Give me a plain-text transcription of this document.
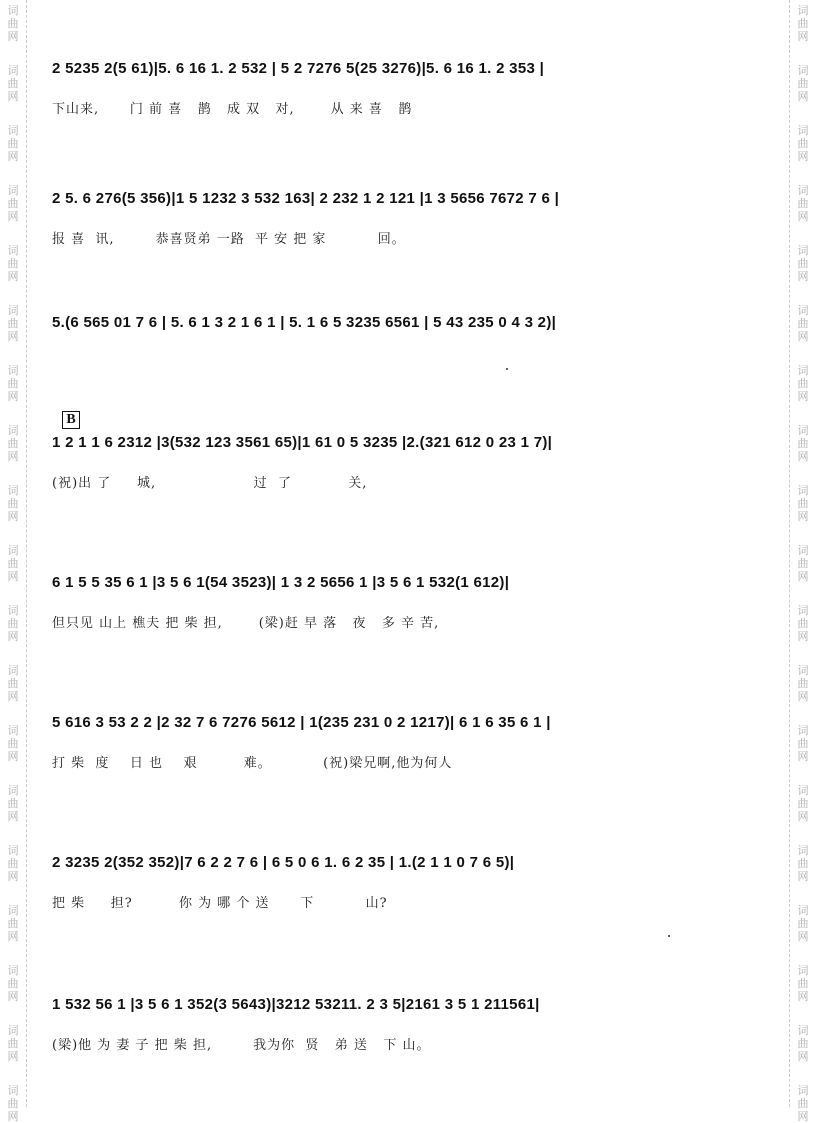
词
曲
网
词
曲
网
词
曲
网
词
曲
网
词
曲
网
词
曲
网
词
曲
网
词
曲
网
词
曲
网
词
曲
网
词
曲
网
词
曲
网
词
曲
网
词
曲
网
词
曲
网
词
曲
网
词
曲
网
词
曲
网
词
曲
网
词
曲
网
词
曲
网
词
曲
网
词
曲
网
词
曲
网
词
曲
网
词
曲
网
词
曲
网
词
曲
网
词
曲
网
词
曲
网
词
曲
网
词
曲
网
词
曲
网
词
曲
网
词
曲
网
词
曲
网
词
曲
网
词
曲
网
B
2 5235 2(5 61)|5. 6 16 1. 2 532 | 5 2 7276 5(25 3276)|5. 6 16 1. 2 353 |
下山来,      门 前 喜   鹊   成 双   对,       从 来 喜   鹊
2 5. 6 276(5 356)|1 5 1232 3 532 163| 2 232 1 2 121 |1 3 5656 7672 7 6 |
报 喜  讯,        恭喜贤弟 一路  平 安 把 家          回。
5.(6 565 01 7 6 | 5. 6 1 3 2 1 6 1 | 5. 1 6 5 3235 6561 | 5 43 235 0 4 3 2)|
1 2 1 1 6 2312 |3(532 123 3561 65)|1 61 0 5 3235 |2.(321 612 0 23 1 7)|
(祝)出 了     城,                   过  了           关,
6 1 5 5 35 6 1 |3 5 6 1(54 3523)| 1 3 2 5656 1 |3 5 6 1 532(1 612)|
但只见 山上 樵夫 把 柴 担,       (梁)赶 早 落   夜   多 辛 苦,
5 616 3 53 2 2 |2 32 7 6 7276 5612 | 1(235 231 0 2 1217)| 6 1 6 35 6 1 |
打 柴  度    日 也    艰         难。          (祝)梁兄啊,他为何人
2 3235 2(352 352)|7 6 2 2 7 6 | 6 5 0 6 1. 6 2 35 | 1.(2 1 1 0 7 6 5)|
把 柴     担?         你 为 哪 个 送      下          山?
1 532 56 1 |3 5 6 1 352(3 5643)|3212 53211. 2 3 5|2161 3 5 1 211561|
(梁)他 为 妻 子 把 柴 担,        我为你  贤   弟 送   下 山。
